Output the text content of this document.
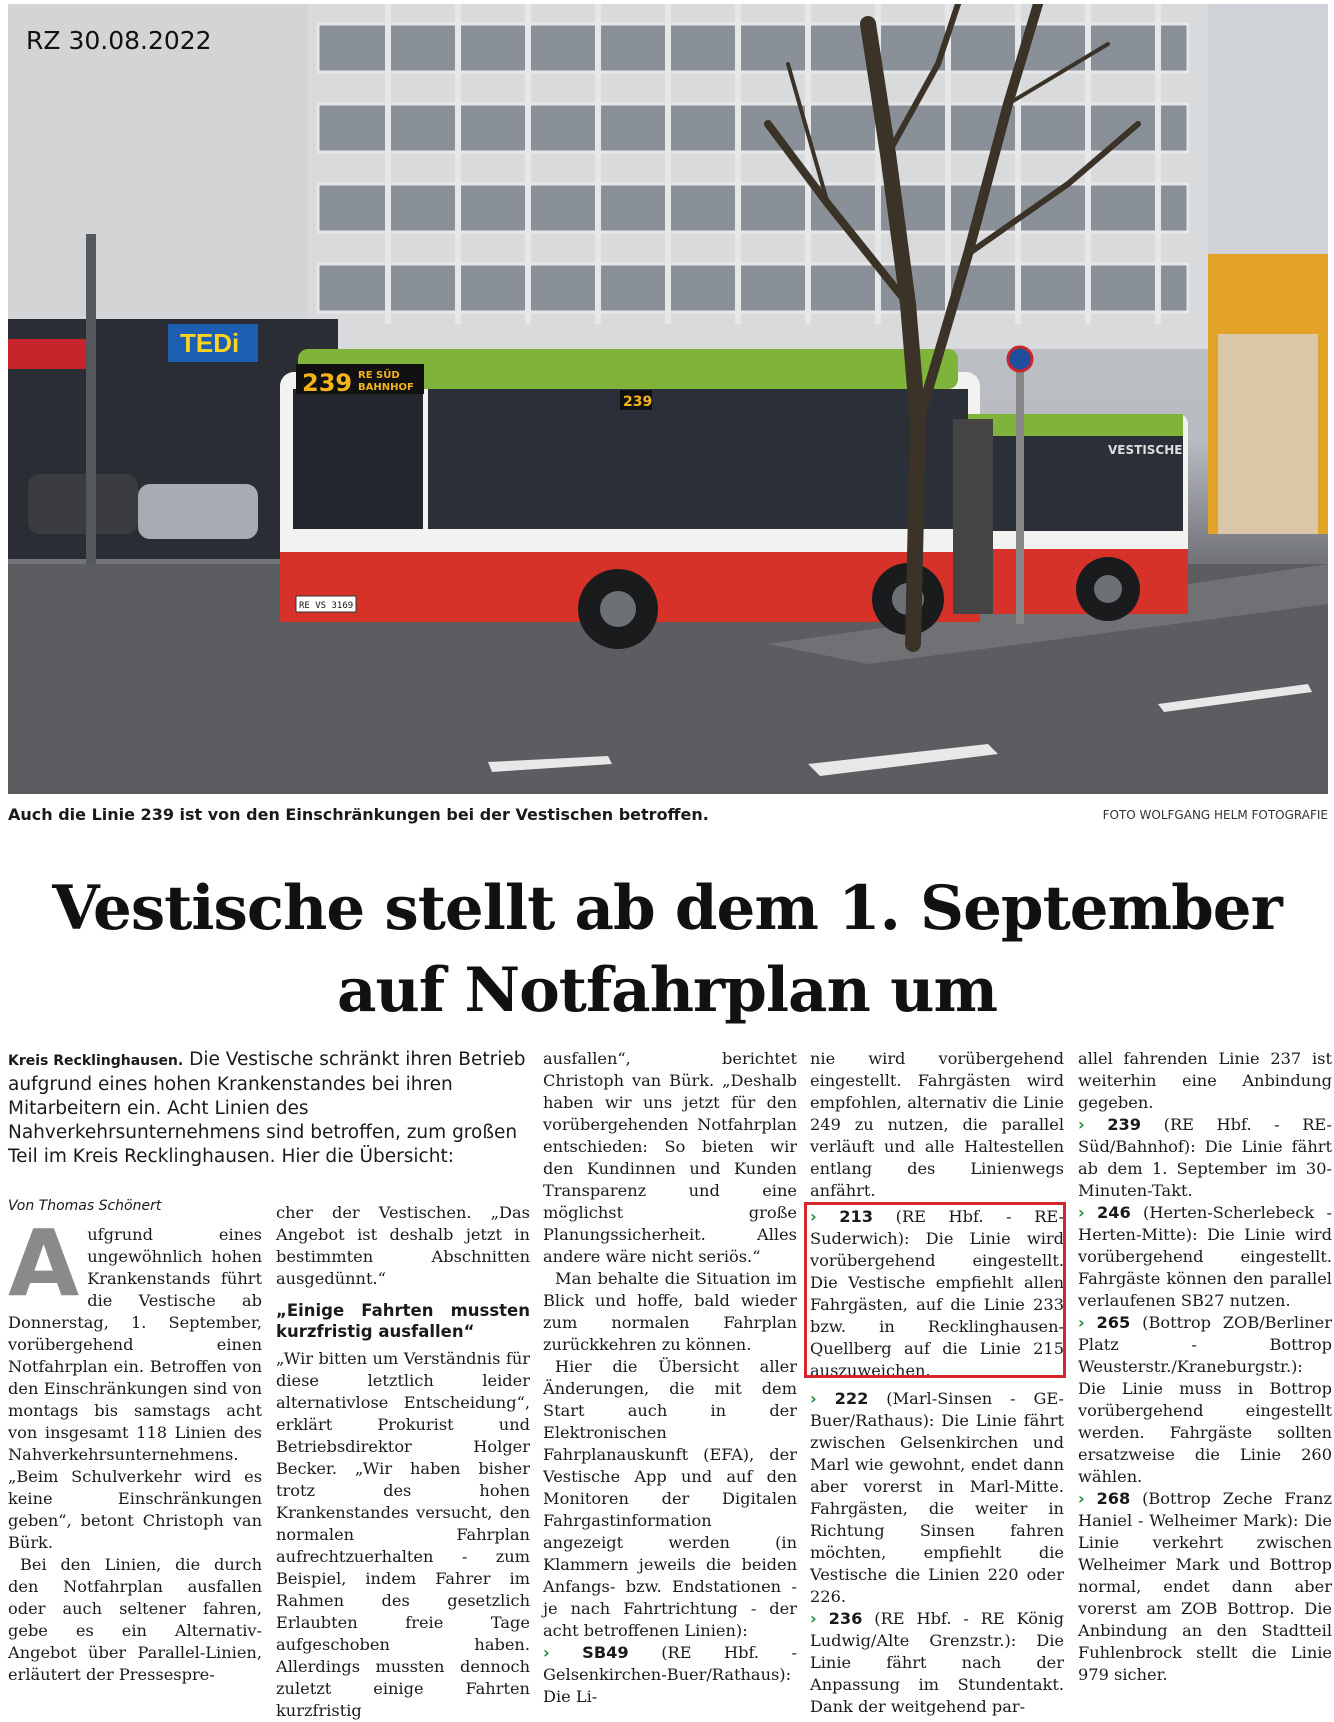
TEDi
239 RE SÜD
BAHNHOF
239
VESTISCHE
RE VS 3169
RZ 30.08.2022
Auch die Linie 239 ist von den Einschränkungen bei der Vestischen betroffen.	FOTO WOLFGANG HELM FOTOGRAFIE
Vestische stellt ab dem 1. September
auf Notfahrplan um
Kreis Recklinghausen. Die Vestische schränkt ihren Betrieb aufgrund eines hohen Krankenstandes bei ihren Mitarbeitern ein. Acht Linien des Nahverkehrsunternehmens sind betroffen, zum großen Teil im Kreis Recklinghausen. Hier die Übersicht:
Von Thomas Schönert

Aufgrund eines ungewöhnlich hohen Krankenstands führt die Vestische ab Donnerstag, 1. September, vorübergehend einen Notfahrplan ein. Betroffen von den Einschränkungen sind von montags bis samstags acht von insgesamt 118 Linien des Nahverkehrsunternehmens.

„Beim Schulverkehr wird es keine Einschränkungen geben“, betont Christoph van Bürk.

Bei den Linien, die durch den Notfahrplan ausfallen oder auch seltener fahren, gebe es ein Alternativ-Angebot über Parallel-Linien, erläutert der Pressespre-

cher der Vestischen. „Das Angebot ist deshalb jetzt in bestimmten Abschnitten ausgedünnt.“

„Einige Fahrten mussten kurzfristig ausfallen“

„Wir bitten um Verständnis für diese letztlich leider alternativlose Entscheidung“, erklärt Prokurist und Betriebsdirektor Holger Becker. „Wir haben bisher trotz des hohen Krankenstandes versucht, den normalen Fahrplan aufrechtzuerhalten - zum Beispiel, indem Fahrer im Rahmen des gesetzlich Erlaubten freie Tage aufgeschoben haben. Allerdings mussten dennoch zuletzt einige Fahrten kurzfristig

ausfallen“, berichtet Christoph van Bürk. „Deshalb haben wir uns jetzt für den vorübergehenden Notfahrplan entschieden: So bieten wir den Kundinnen und Kunden Transparenz und eine möglichst große Planungssicherheit. Alles andere wäre nicht seriös.“

Man behalte die Situation im Blick und hoffe, bald wieder zum normalen Fahrplan zurückkehren zu können.

Hier die Übersicht aller Änderungen, die mit dem Start auch in der Elektronischen Fahrplanauskunft (EFA), der Vestische App und auf den Monitoren der Digitalen Fahrgastinformation angezeigt werden (in Klammern jeweils die beiden Anfangs- bzw. Endstationen - je nach Fahrtrichtung - der acht betroffenen Linien):

› SB49 (RE Hbf. - Gelsenkirchen-Buer/Rathaus): Die Li-

nie wird vorübergehend eingestellt. Fahrgästen wird empfohlen, alternativ die Linie 249 zu nutzen, die parallel verläuft und alle Haltestellen entlang des Linienwegs anfährt.

› 213 (RE Hbf. - RE-Suderwich): Die Linie wird vorübergehend eingestellt. Die Vestische empfiehlt allen Fahrgästen, auf die Linie 233 bzw. in Recklinghausen-Quellberg auf die Linie 215 auszuweichen.

› 222 (Marl-Sinsen - GE-Buer/Rathaus): Die Linie fährt zwischen Gelsenkirchen und Marl wie gewohnt, endet dann aber vorerst in Marl-Mitte. Fahrgästen, die weiter in Richtung Sinsen fahren möchten, empfiehlt die Vestische die Linien 220 oder 226.

› 236 (RE Hbf. - RE König Ludwig/Alte Grenzstr.): Die Linie fährt nach der Anpassung im Stundentakt. Dank der weitgehend par-

allel fahrenden Linie 237 ist weiterhin eine Anbindung gegeben.

› 239 (RE Hbf. - RE-Süd/Bahnhof): Die Linie fährt ab dem 1. September im 30-Minuten-Takt.

› 246 (Herten-Scherlebeck - Herten-Mitte): Die Linie wird vorübergehend eingestellt. Fahrgäste können den parallel verlaufenen SB27 nutzen.

› 265 (Bottrop ZOB/Berliner Platz - Bottrop Weusterstr./Kraneburgstr.): Die Linie muss in Bottrop vorübergehend eingestellt werden. Fahrgäste sollten ersatzweise die Linie 260 wählen.

› 268 (Bottrop Zeche Franz Haniel - Welheimer Mark): Die Linie verkehrt zwischen Welheimer Mark und Bottrop normal, endet dann aber vorerst am ZOB Bottrop. Die Anbindung an den Stadtteil Fuhlenbrock stellt die Linie 979 sicher.
